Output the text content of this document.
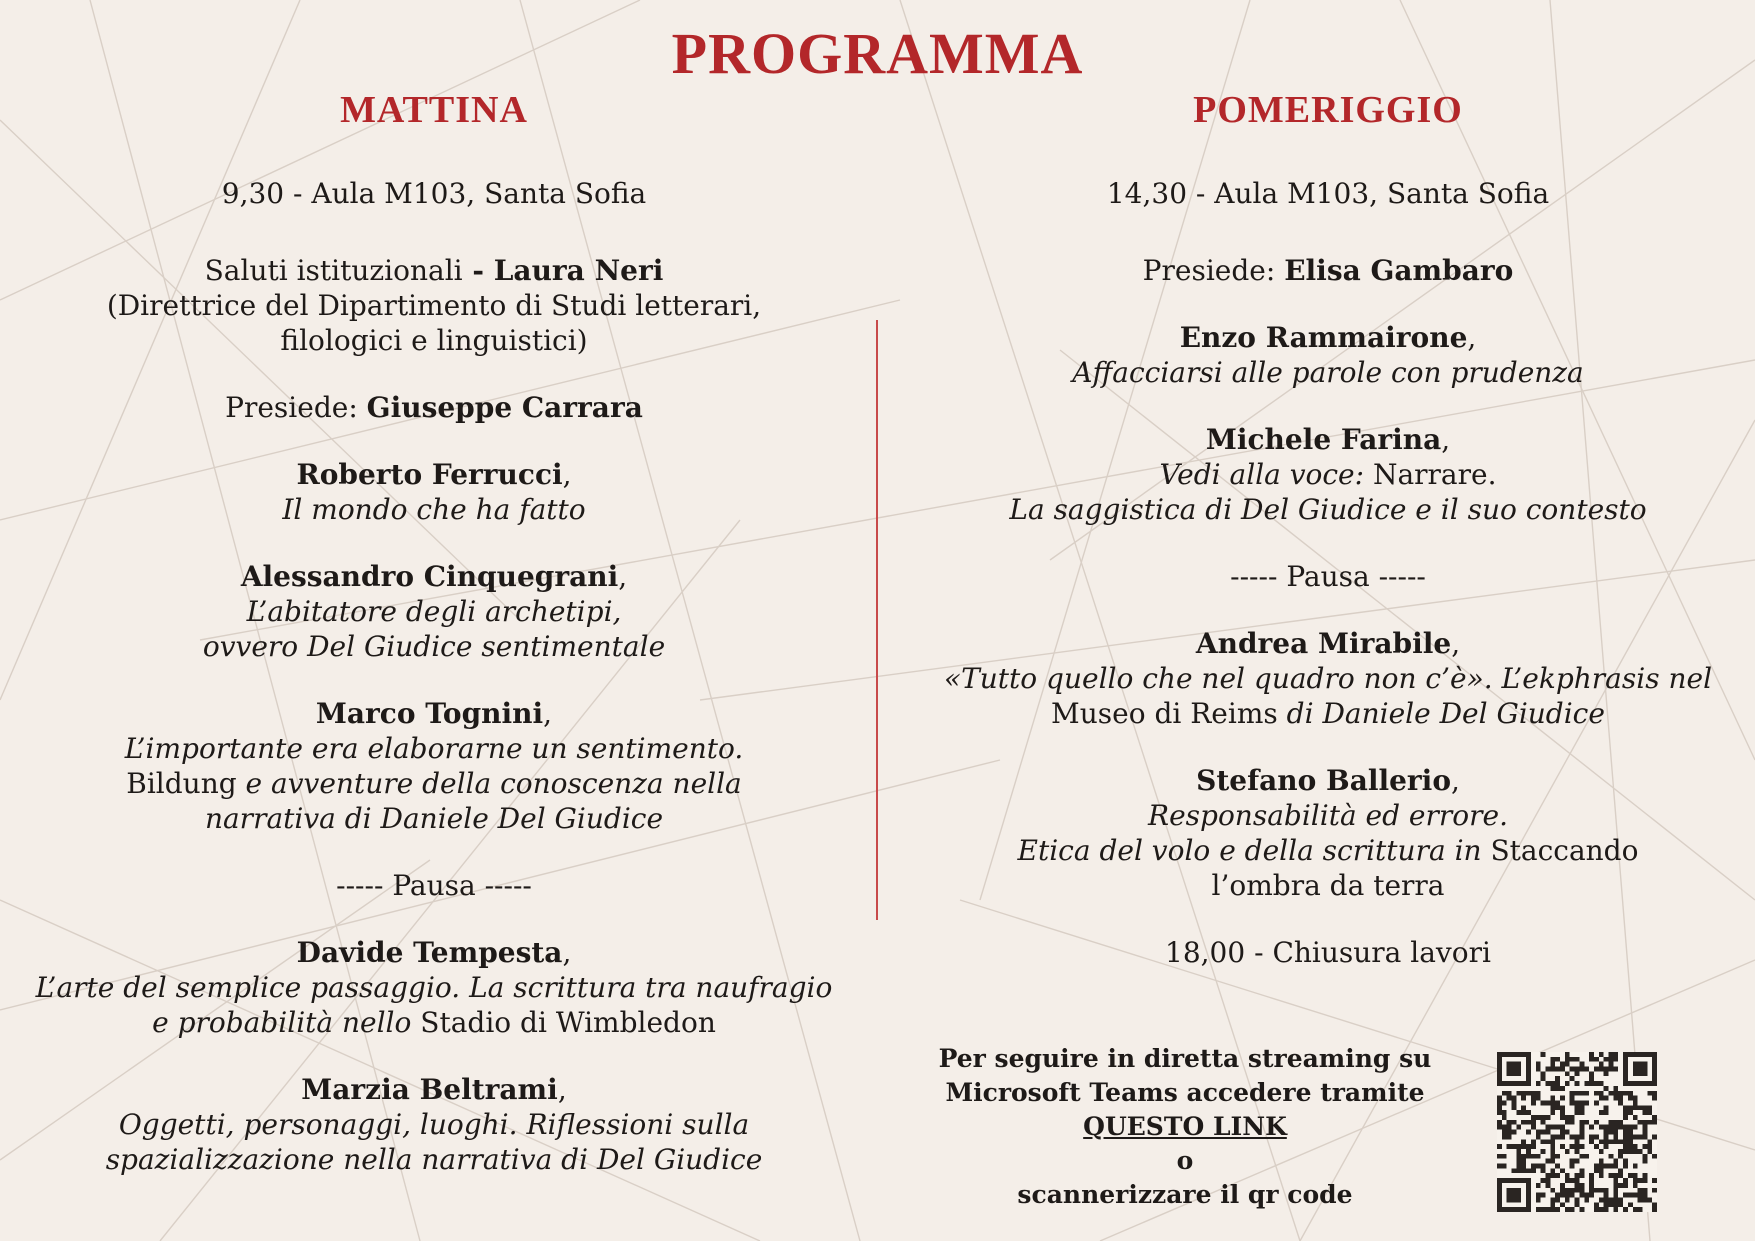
PROGRAMMA
MATTINA	POMERIGGIO

9,30 - Aula M103, Santa Sofia

Saluti istituzionali - Laura Neri

(Direttrice del Dipartimento di Studi letterari,

filologici e linguistici)

Presiede: Giuseppe Carrara

Roberto Ferrucci,

Il mondo che ha fatto

Alessandro Cinquegrani,

L’abitatore degli archetipi,

ovvero Del Giudice sentimentale

Marco Tognini,

L’importante era elaborarne un sentimento.

Bildung e avventure della conoscenza nella

narrativa di Daniele Del Giudice

----- Pausa -----

Davide Tempesta,

L’arte del semplice passaggio. La scrittura tra naufragio

e probabilità nello Stadio di Wimbledon

Marzia Beltrami,

Oggetti, personaggi, luoghi. Riflessioni sulla

spazializzazione nella narrativa di Del Giudice

14,30 - Aula M103, Santa Sofia

Presiede: Elisa Gambaro

Enzo Rammairone,

Affacciarsi alle parole con prudenza

Michele Farina,

Vedi alla voce: Narrare.

La saggistica di Del Giudice e il suo contesto

----- Pausa -----

Andrea Mirabile,

«Tutto quello che nel quadro non c’è». L’ekphrasis nel

Museo di Reims di Daniele Del Giudice

Stefano Ballerio,

Responsabilità ed errore.

Etica del volo e della scrittura in Staccando

l’ombra da terra

18,00 - Chiusura lavori

Per seguire in diretta streaming su

Microsoft Teams accedere tramite

QUESTO LINK

o

scannerizzare il qr code
